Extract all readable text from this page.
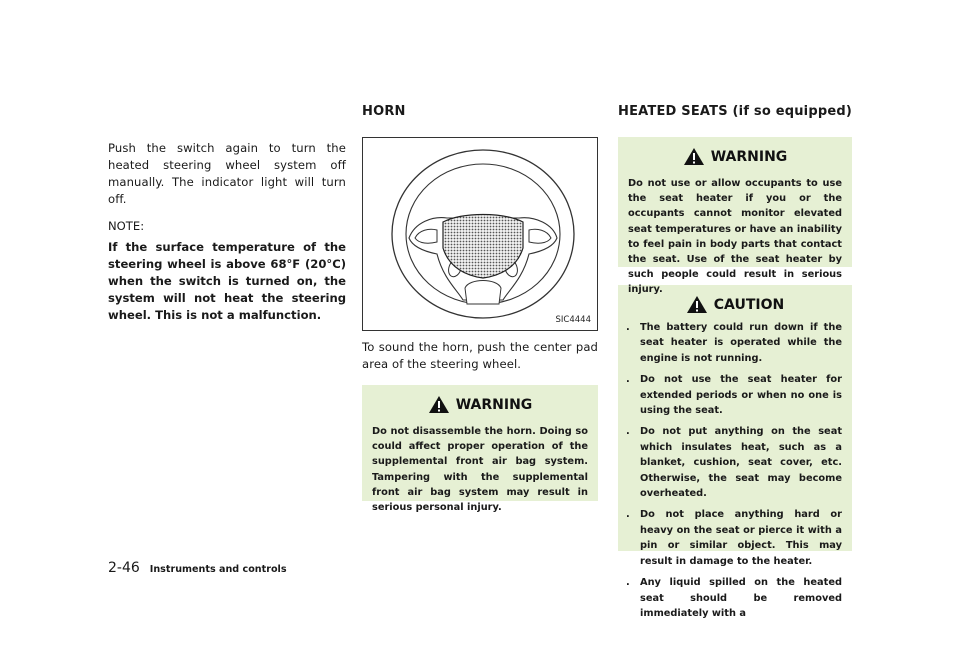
Push the switch again to turn the heated steering wheel system off manually. The indicator light will turn off.

NOTE:

If the surface temperature of the steering wheel is above 68°F (20°C) when the switch is turned on, the system will not heat the steering wheel. This is not a malfunction.

HORN
SIC4444

To sound the horn, push the center pad area of the steering wheel.

WARNING
Do not disassemble the horn. Doing so could affect proper operation of the supplemental front air bag system. Tampering with the supplemental front air bag system may result in serious personal injury.
HEATED SEATS (if so equipped)
WARNING
Do not use or allow occupants to use the seat heater if you or the occupants cannot monitor elevated seat temperatures or have an inability to feel pain in body parts that contact the seat. Use of the seat heater by such people could result in serious injury.
CAUTION
. The battery could run down if the seat heater is operated while the engine is not running.
. Do not use the seat heater for extended periods or when no one is using the seat.
. Do not put anything on the seat which insulates heat, such as a blanket, cushion, seat cover, etc. Otherwise, the seat may become overheated.
. Do not place anything hard or heavy on the seat or pierce it with a pin or similar object. This may result in damage to the heater.
. Any liquid spilled on the heated seat should be removed immediately with a
2-46 Instruments and controls
